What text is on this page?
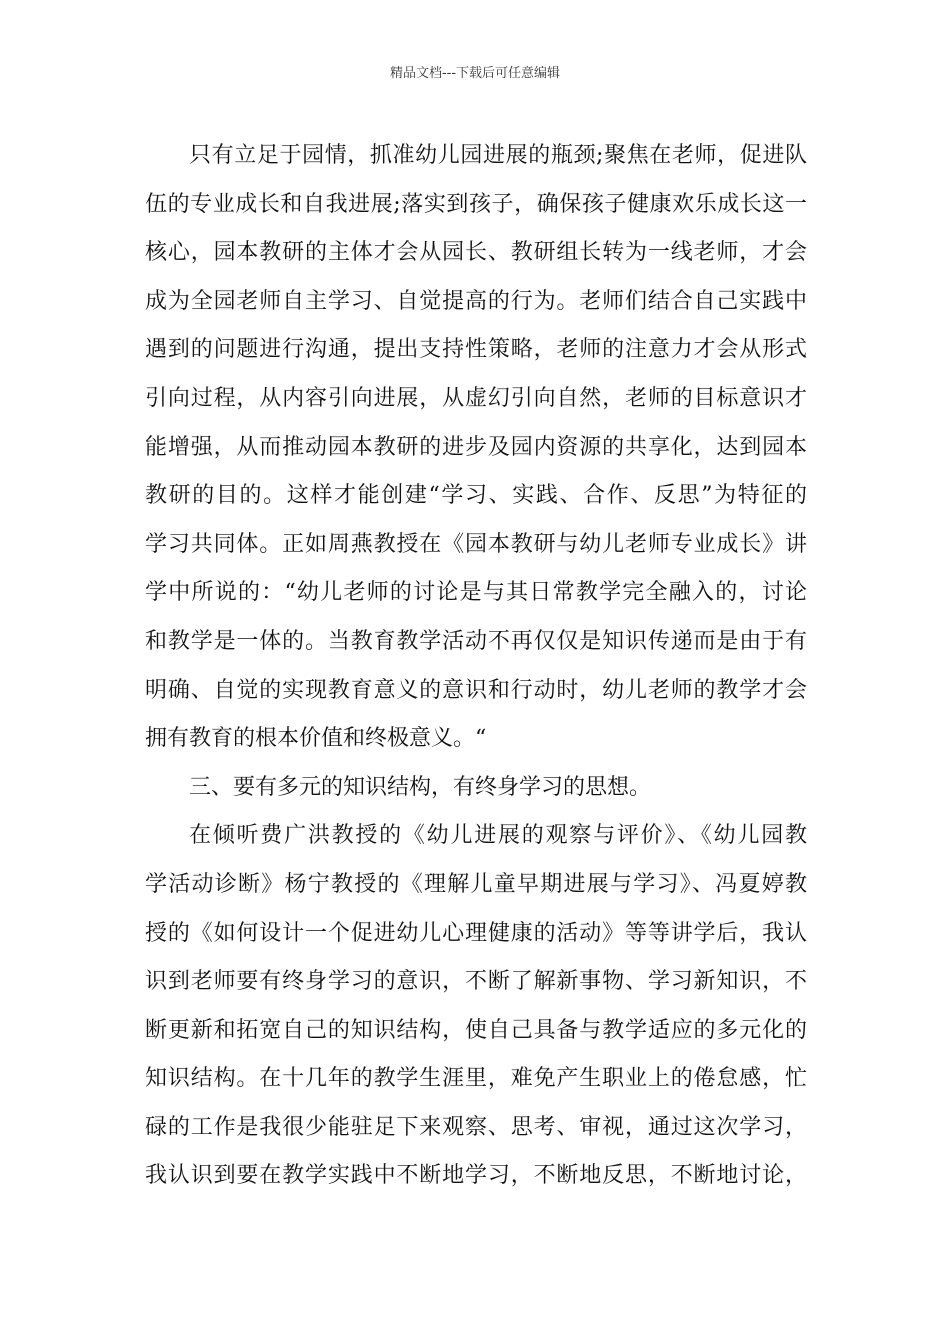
精品文档---下载后可任意编辑
只有立足于园情，抓准幼儿园进展的瓶颈;聚焦在老师，促进队
伍的专业成长和自我进展;落实到孩子，确保孩子健康欢乐成长这一
核心，园本教研的主体才会从园长、教研组长转为一线老师，才会
成为全园老师自主学习、自觉提高的行为。老师们结合自己实践中
遇到的问题进行沟通，提出支持性策略，老师的注意力才会从形式
引向过程，从内容引向进展，从虚幻引向自然，老师的目标意识才
能增强，从而推动园本教研的进步及园内资源的共享化，达到园本
教研的目的。这样才能创建“学习、实践、合作、反思”为特征的
学习共同体。正如周燕教授在《园本教研与幼儿老师专业成长》讲
学中所说的：“幼儿老师的讨论是与其日常教学完全融入的，讨论
和教学是一体的。当教育教学活动不再仅仅是知识传递而是由于有
明确、自觉的实现教育意义的意识和行动时，幼儿老师的教学才会
拥有教育的根本价值和终极意义。“
三、要有多元的知识结构，有终身学习的思想。
在倾听费广洪教授的《幼儿进展的观察与评价》、《幼儿园教
学活动诊断》杨宁教授的《理解儿童早期进展与学习》、冯夏婷教
授的《如何设计一个促进幼儿心理健康的活动》等等讲学后，我认
识到老师要有终身学习的意识，不断了解新事物、学习新知识，不
断更新和拓宽自己的知识结构，使自己具备与教学适应的多元化的
知识结构。在十几年的教学生涯里，难免产生职业上的倦怠感，忙
碌的工作是我很少能驻足下来观察、思考、审视，通过这次学习，
我认识到要在教学实践中不断地学习，不断地反思，不断地讨论，
